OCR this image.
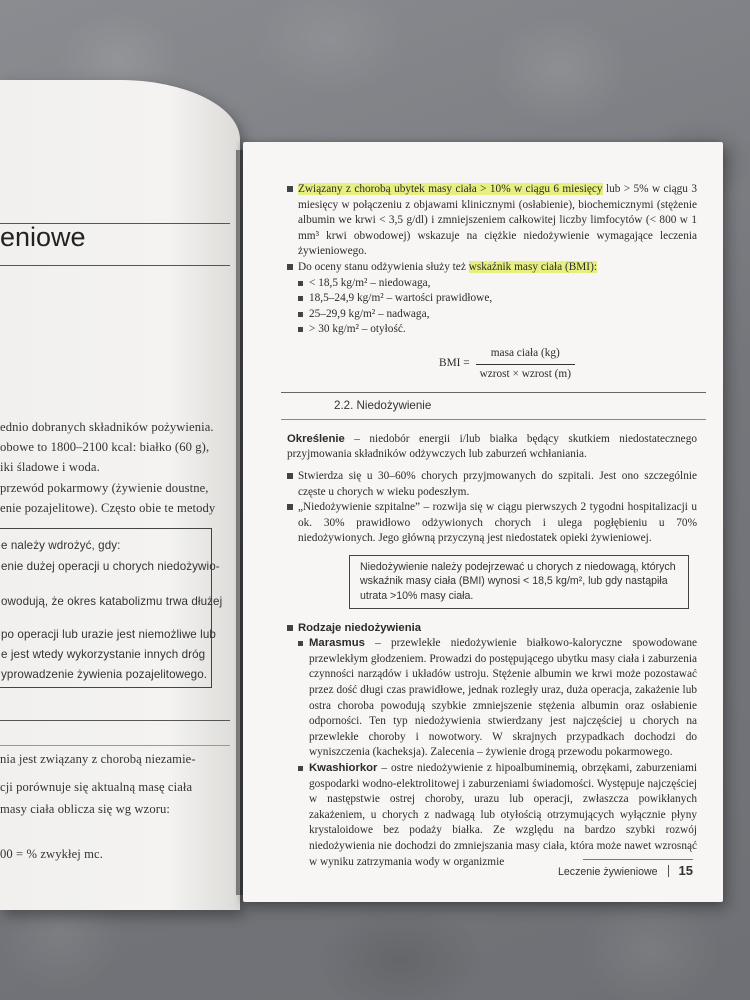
eniowe
ednio dobranych składników pożywienia.
obowe to 1800–2100 kcal: białko (60 g),
iki śladowe i woda.
przewód pokarmowy (żywienie doustne,
enie pozajelitowe). Często obie te metody
e należy wdrożyć, gdy:
enie dużej operacji u chorych niedożywio-
owodują, że okres katabolizmu trwa dłużej
po operacji lub urazie jest niemożliwe lub
e jest wtedy wykorzystanie innych dróg
yprowadzenie żywienia pozajelitowego.
nia jest związany z chorobą niezamie-
cji porównuje się aktualną masę ciała
masy ciała oblicza się wg wzoru:
00 = % zwykłej mc.
Związany z chorobą ubytek masy ciała > 10% w ciągu 6 miesięcy lub > 5% w ciągu 3 miesięcy w połączeniu z objawami klinicznymi (osłabienie), biochemicznymi (stężenie albumin we krwi < 3,5 g/dl) i zmniejszeniem całkowitej liczby limfocytów (< 800 w 1 mm³ krwi obwodowej) wskazuje na ciężkie niedożywienie wymagające leczenia żywieniowego.
Do oceny stanu odżywienia służy też wskaźnik masy ciała (BMI):
< 18,5 kg/m² – niedowaga,
18,5–24,9 kg/m² – wartości prawidłowe,
25–29,9 kg/m² – nadwaga,
> 30 kg/m² – otyłość.
BMI = $\frac{\text{masa ciała (kg)}}{\text{wzrost × wzrost (m)}}$
2.2. Niedożywienie
Określenie – niedobór energii i/lub białka będący skutkiem niedostatecznego przyjmowania składników odżywczych lub zaburzeń wchłaniania.
Stwierdza się u 30–60% chorych przyjmowanych do szpitali. Jest ono szczególnie częste u chorych w wieku podeszłym.
„Niedożywienie szpitalne” – rozwija się w ciągu pierwszych 2 tygodni hospitalizacji u ok. 30% prawidłowo odżywionych chorych i ulega pogłębieniu u 70% niedożywionych. Jego główną przyczyną jest niedostatek opieki żywieniowej.
Niedożywienie należy podejrzewać u chorych z niedowagą, których wskaźnik masy ciała (BMI) wynosi < 18,5 kg/m², lub gdy nastąpiła utrata >10% masy ciała.
Rodzaje niedożywienia
Marasmus – przewlekłe niedożywienie białkowo-kaloryczne spowodowane przewlekłym głodzeniem. Prowadzi do postępującego ubytku masy ciała i zaburzenia czynności narządów i układów ustroju. Stężenie albumin we krwi może pozostawać przez dość długi czas prawidłowe, jednak rozległy uraz, duża operacja, zakażenie lub ostra choroba powodują szybkie zmniejszenie stężenia albumin oraz osłabienie odporności. Ten typ niedożywienia stwierdzany jest najczęściej u chorych na przewlekłe choroby i nowotwory. W skrajnych przypadkach dochodzi do wyniszczenia (kacheksja). Zalecenia – żywienie drogą przewodu pokarmowego.
Kwashiorkor – ostre niedożywienie z hipoalbuminemią, obrzękami, zaburzeniami gospodarki wodno-elektrolitowej i zaburzeniami świadomości. Występuje najczęściej w następstwie ostrej choroby, urazu lub operacji, zwłaszcza powikłanych zakażeniem, u chorych z nadwagą lub otyłością otrzymujących wyłącznie płyny krystaloidowe bez podaży białka. Ze względu na bardzo szybki rozwój niedożywienia nie dochodzi do zmniejszania masy ciała, która może nawet wzrosnąć w wyniku zatrzymania wody w organizmie
Leczenie żywieniowe 15
